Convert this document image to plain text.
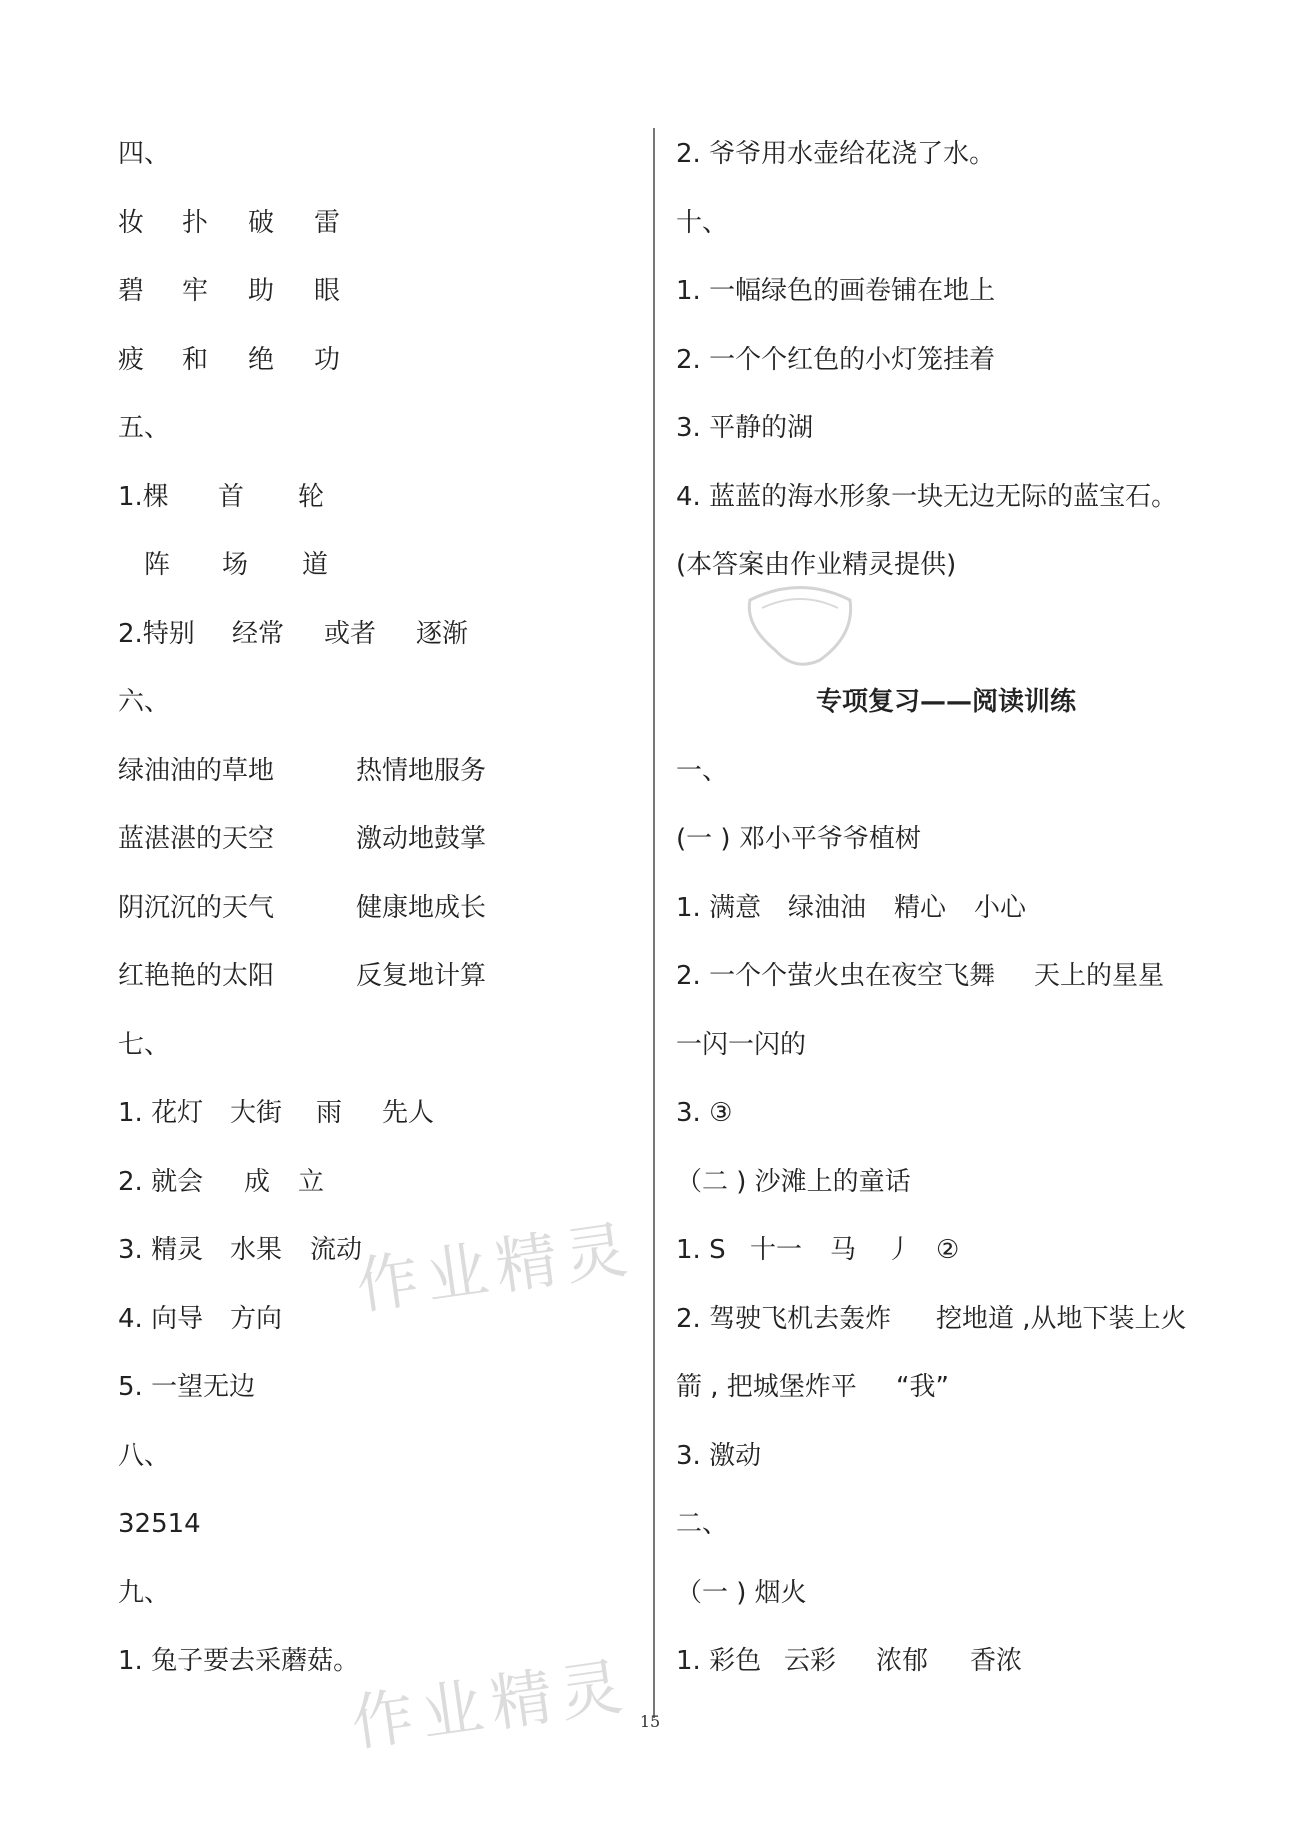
四、
妆 扑 破 雷
碧 牢 助 眼
疲 和 绝 功
五、
1.棵 首 轮
阵 场 道
2.特别 经常 或者 逐渐
六、
绿油油的草地	热情地服务
蓝湛湛的天空	激动地鼓掌
阴沉沉的天气	健康地成长
红艳艳的太阳	反复地计算
七、
1. 花灯 大街 雨 先人
2. 就会 成 立
3. 精灵 水果 流动
4. 向导 方向
5. 一望无边
八、
32514
九、
1. 兔子要去采蘑菇。
2. 爷爷用水壶给花浇了水。
十、
1. 一幅绿色的画卷铺在地上
2. 一个个红色的小灯笼挂着
3. 平静的湖
4. 蓝蓝的海水形象一块无边无际的蓝宝石。
(本答案由作业精灵提供)
专项复习——阅读训练
一、
(一 ) 邓小平爷爷植树
1. 满意 绿油油 精心 小心
2. 一个个萤火虫在夜空飞舞 天上的星星
一闪一闪的
3. ③
（二 ) 沙滩上的童话
1. S 十一 马 丿 ②
2. 驾驶飞机去轰炸 挖地道 ,从地下装上火
箭 , 把城堡炸平 “我”
3. 激动
二、
（一 ) 烟火
1. 彩色 云彩 浓郁 香浓
作业精灵
作业精灵 15
